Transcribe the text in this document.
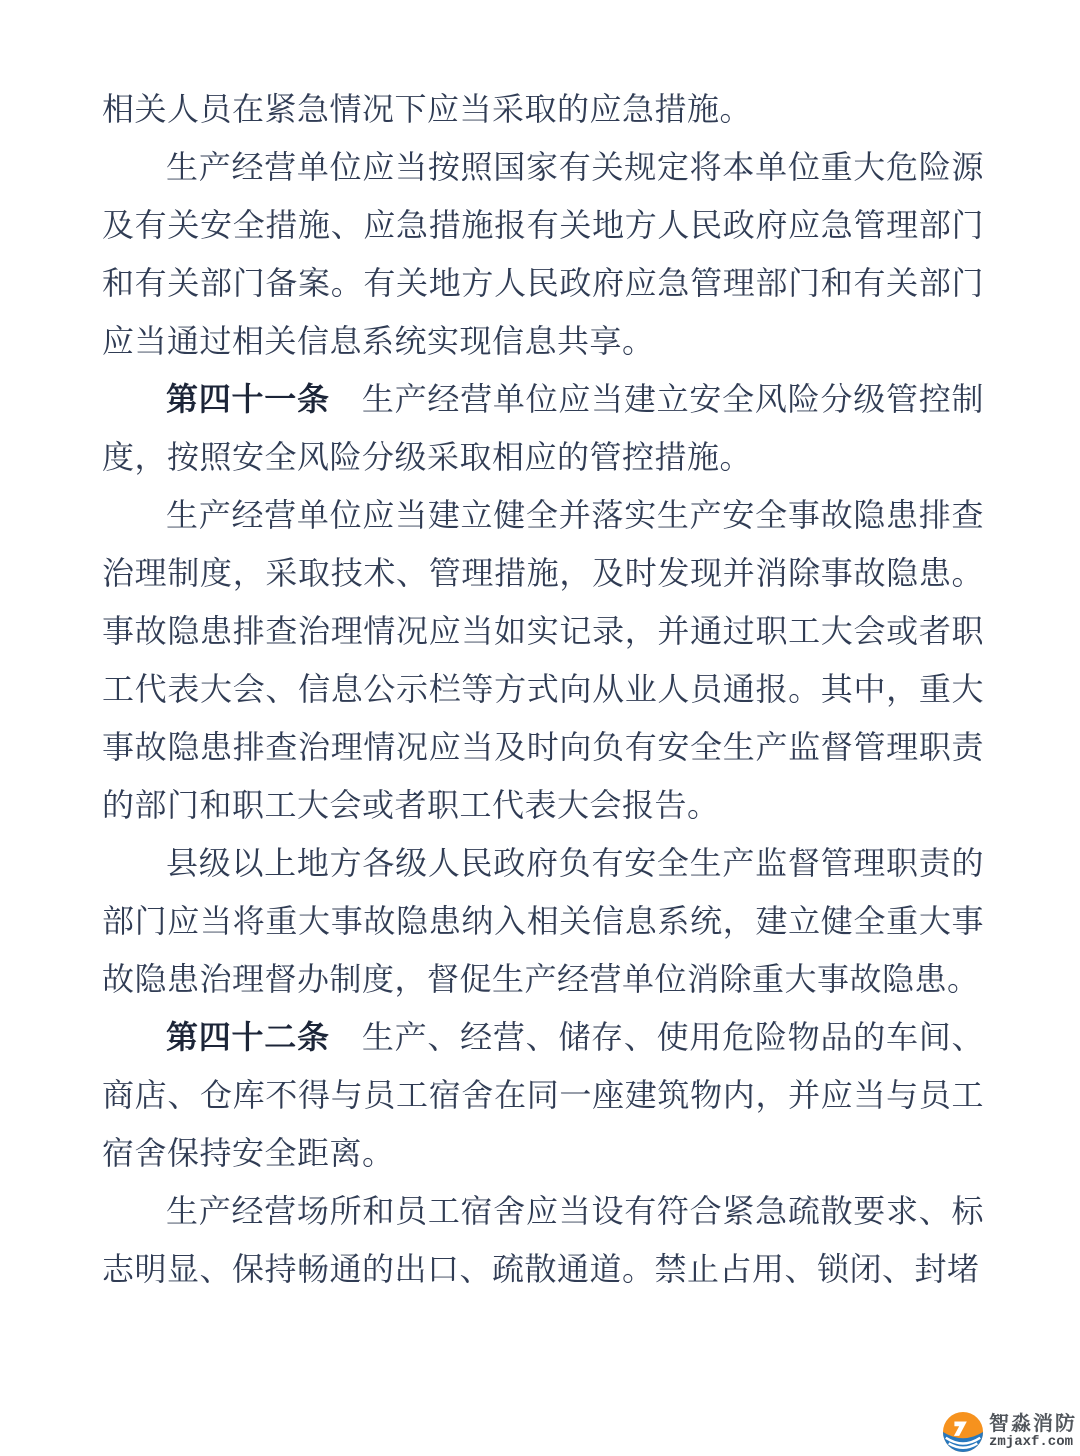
相关人员在紧急情况下应当采取的应急措施。

生产经营单位应当按照国家有关规定将本单位重大危险源及有关安全措施、应急措施报有关地方人民政府应急管理部门和有关部门备案。有关地方人民政府应急管理部门和有关部门应当通过相关信息系统实现信息共享。

第四十一条 生产经营单位应当建立安全风险分级管控制度，按照安全风险分级采取相应的管控措施。

生产经营单位应当建立健全并落实生产安全事故隐患排查治理制度，采取技术、管理措施，及时发现并消除事故隐患。事故隐患排查治理情况应当如实记录，并通过职工大会或者职工代表大会、信息公示栏等方式向从业人员通报。其中，重大事故隐患排查治理情况应当及时向负有安全生产监督管理职责的部门和职工大会或者职工代表大会报告。

县级以上地方各级人民政府负有安全生产监督管理职责的部门应当将重大事故隐患纳入相关信息系统，建立健全重大事故隐患治理督办制度，督促生产经营单位消除重大事故隐患。

第四十二条 生产、经营、储存、使用危险物品的车间、商店、仓库不得与员工宿舍在同一座建筑物内，并应当与员工宿舍保持安全距离。

生产经营场所和员工宿舍应当设有符合紧急疏散要求、标志明显、保持畅通的出口、疏散通道。禁止占用、锁闭、封堵

智淼消防
zmjaxf.com
